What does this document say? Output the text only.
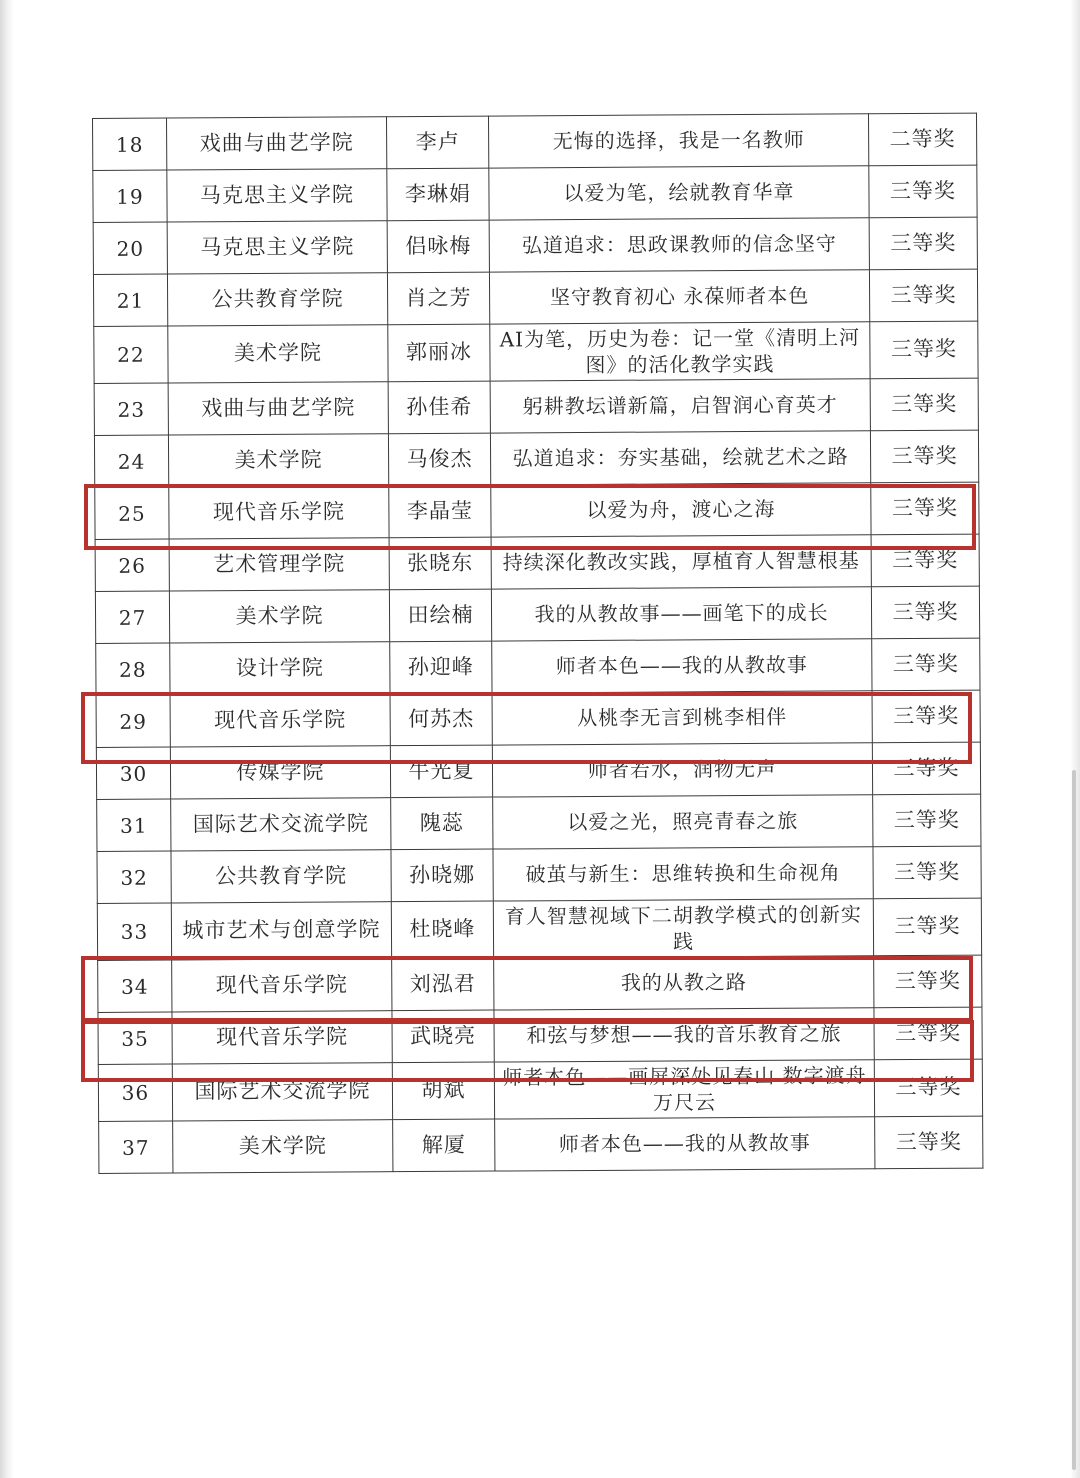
18	戏曲与曲艺学院	李卢	无悔的选择，我是一名教师	二等奖
19	马克思主义学院	李琳娟	以爱为笔，绘就教育华章	三等奖
20	马克思主义学院	侣咏梅	弘道追求：思政课教师的信念坚守	三等奖
21	公共教育学院	肖之芳	坚守教育初心 永葆师者本色	三等奖
22	美术学院	郭丽冰	AI为笔，历史为卷：记一堂《清明上河图》的活化教学实践	三等奖
23	戏曲与曲艺学院	孙佳希	躬耕教坛谱新篇，启智润心育英才	三等奖
24	美术学院	马俊杰	弘道追求：夯实基础，绘就艺术之路	三等奖
25	现代音乐学院	李晶莹	以爱为舟，渡心之海	三等奖
26	艺术管理学院	张晓东	持续深化教改实践，厚植育人智慧根基	三等奖
27	美术学院	田绘楠	我的从教故事——画笔下的成长	三等奖
28	设计学院	孙迎峰	师者本色——我的从教故事	三等奖
29	现代音乐学院	何苏杰	从桃李无言到桃李相伴	三等奖
30	传媒学院	牛光夏	师者若水，润物无声	三等奖
31	国际艺术交流学院	隗蕊	以爱之光，照亮青春之旅	三等奖
32	公共教育学院	孙晓娜	破茧与新生：思维转换和生命视角	三等奖
33	城市艺术与创意学院	杜晓峰	育人智慧视域下二胡教学模式的创新实践	三等奖
34	现代音乐学院	刘泓君	我的从教之路	三等奖
35	现代音乐学院	武晓亮	和弦与梦想——我的音乐教育之旅	三等奖
36	国际艺术交流学院	胡斌	师者本色——画屏深处见春山 数字渡舟万尺云	三等奖
37	美术学院	解厦	师者本色——我的从教故事	三等奖
